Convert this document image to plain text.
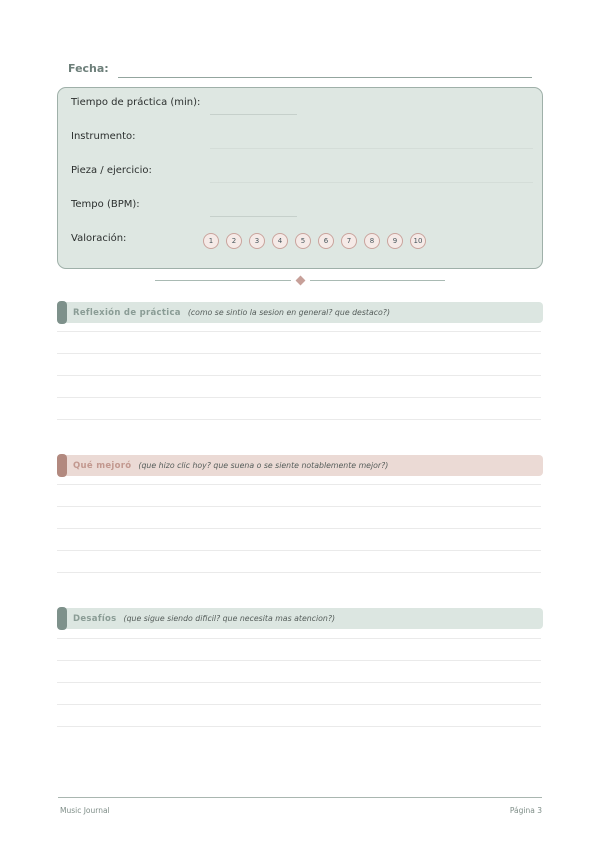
Fecha:
Tiempo de práctica (min):
Instrumento:
Pieza / ejercicio:
Tempo (BPM):
Valoración:	1	2	3	4	5	6	7	8	9	10
Reflexión de práctica (como se sintio la sesion en general? que destaco?)
Qué mejoró (que hizo clic hoy? que suena o se siente notablemente mejor?)
Desafíos (que sigue siendo dificil? que necesita mas atencion?)
Music Journal	Página 3
